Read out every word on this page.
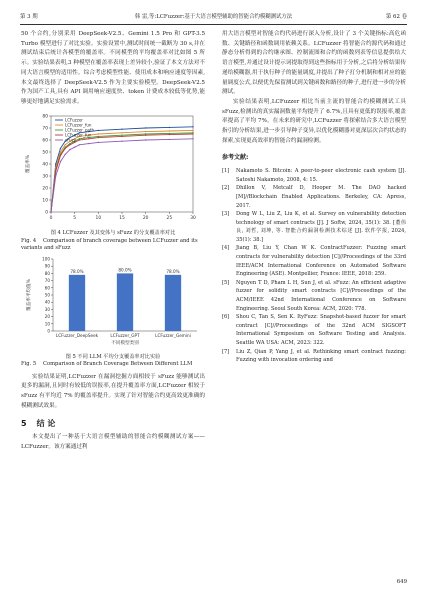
第 3 期	韩 雷,等:LCFuzzer:基于大语言模型辅助的智能合约模糊测试方法	第 62 卷

50 个合约,分别采用 DeepSeek-V2.5、Gemini 1.5 Pro 和 GPT-3.5 Turbo 模型进行了对比实验。实验设置中,测试时间统一截断为 30 s,并在测试结束后统计各模型的覆盖率。不同模型的平均覆盖率对比如图 5 所示。实验结果表明,3 种模型在覆盖率表现上差异较小,验证了本文方法对不同大语言模型的适用性。综合考虑模型性能、使用成本和响应速度等因素,本文最终选择了 DeepSeek-V2.5 作为主要实验模型。DeepSeek-V2.5 作为国产工具,具有 API 调用响应速度快、token 计费成本较低等优势,能够更好地满足实验需求。

0
10
20
30
40
50
60
70
80
0	5	10	15	20	25	30
覆盖率%
LCFuzzer
LCFuzzer_fun
LCFuzzer_path
LCFuzzer_fun
sFuzz
图 4 LCFuzzer 及其变体与 sFuzz 的分支覆盖率对比
Fig. 4 Comparison of branch coverage between LCFuzzer and its variants and sFuzz
0
10
20
30
40
50
60
70
80
90
100
78.0%
LCFuzzer_DeepSeek
80.0%
LCFuzzer_GPT
78.0%
LCFuzzer_Gemini
不同模型类别
覆盖率平均值%
图 5 不同 LLM 平均分支覆盖率对比实验
Fig. 5 Comparison of Branch Coverage Between Different LLM

实验结果证明,LCFuzzer 在漏洞挖掘方面相较于 sFuzz 能够测试出更多的漏洞,且同时有较低的误报率,在提升覆盖率方面,LCFuzzer 相较于 sFuzz 有平均近 7% 的覆盖率提升。实现了针对智能合约更高效更准确的模糊测试效果。

5 结 论

本文提出了一种基于大语言模型辅助的智能合约模糊测试方案——LCFuzzer。该方案通过利

用大语言模型对智能合约代码进行深入分析,设计了 3 个关键指标:高危函数、关键路径和函数调用依赖关系。LCFuzzer 将智能合约源代码和通过静态分析得到的合约继承图、控制流图和合约的函数列表等信息提供给大语言模型,并通过设计提示词提取得到这些指标用于分析,之后将分析结果传递给模糊器,用于执行种子的能量调度,并提出了种子打分机制和相对应的能量调度公式,以便优先保留测试到关键函数和路径的种子,进行进一步的分析测试。

实验结果表明,LCFuzzer 相比当前主流的智能合约模糊测试工具 sFuzz,检测出的真实漏洞数量平均提升了 6.7%,且具有更低的误报率,覆盖率提高了平均 7%。在未来的研究中,LCFuzzer 将探索结合多大语言模型指引的分析结果,进一步引导种子变异,以优化模糊器对更深层次合约状态的探索,实现更高效率的智能合约漏洞检测。

参考文献:
[1]	Nakamoto S. Bitcoin: A peer-to-peer electronic cash system [J]. Satoshi Nakamoto, 2008, 4: 15.
[2]	Dhillon V, Metcalf D, Hooper M. The DAO hacked [M]//Blockchain Enabled Applications. Berkeley, CA: Apress, 2017.
[3]	Dong W L, Liu Z, Liu K, et al. Survey on vulnerability detection technology of smart contracts [J]. J Softw, 2024, 35(1): 38. [董伟良, 刘哲, 刘坤, 等. 智能合约漏洞检测技术综述 [J]. 软件学报, 2024, 35(1): 38.]
[4]	Jiang B, Liu Y, Chan W K. ContractFuzzer: Fuzzing smart contracts for vulnerability detection [C]//Proceedings of the 33rd IEEE/ACM International Conference on Automated Software Engineering (ASE). Montpellier, France: IEEE, 2018: 259.
[5]	Nguyen T D, Pham L H, Sun J, et al. sFuzz: An efficient adaptive fuzzer for solidity smart contracts [C]//Proceedings of the ACM/IEEE 42nd International Conference on Software Engineering. Seoul South Korea: ACM, 2020: 778.
[6]	Shou C, Tan S, Sen K. ItyFuzz: Snapshot-based fuzzer for smart contract [C]//Proceedings of the 32nd ACM SIGSOFT International Symposium on Software Testing and Analysis. Seattle WA USA: ACM, 2023: 322.
[7]	Liu Z, Qian P, Yang J, et al. Rethinking smart contract fuzzing: Fuzzing with invocation ordering and
649
